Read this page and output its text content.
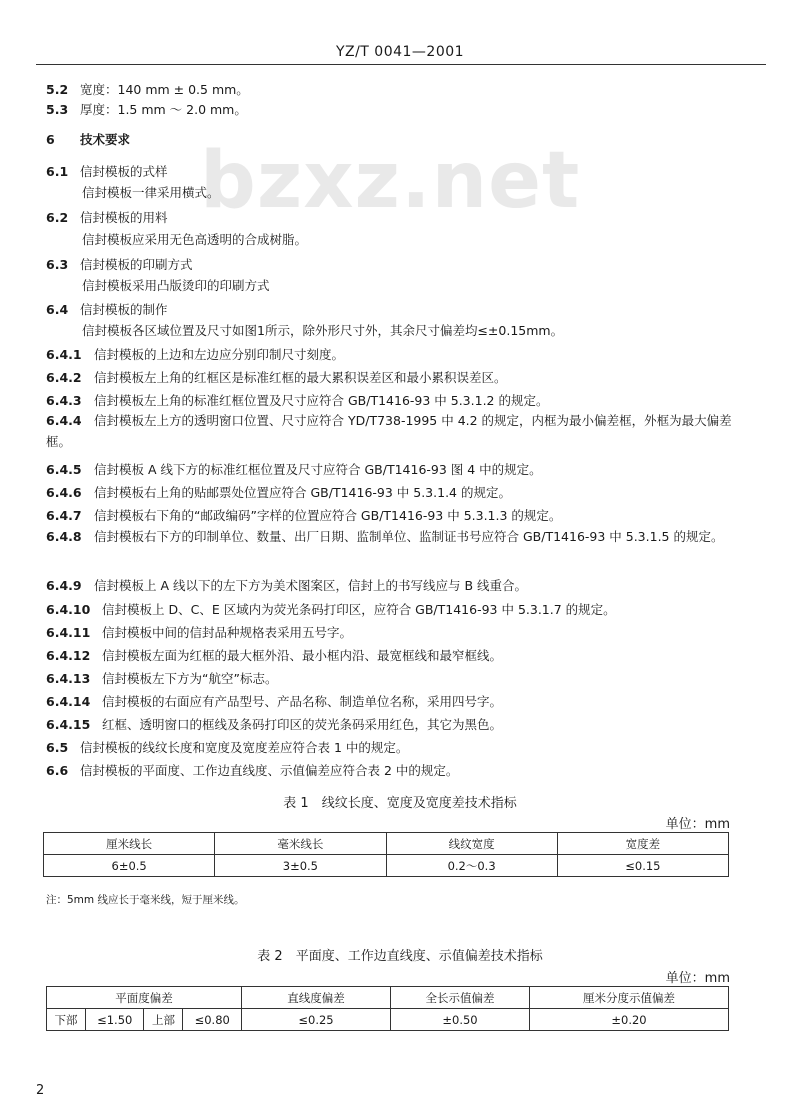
bzxz.net
YZ/T 0041—2001
5.2 宽度：140 mm ± 0.5 mm。
5.3 厚度：1.5 mm ～ 2.0 mm。
6 技术要求
6.1 信封模板的式样
信封模板一律采用横式。
6.2 信封模板的用料
信封模板应采用无色高透明的合成树脂。
6.3 信封模板的印刷方式
信封模板采用凸版烫印的印刷方式
6.4 信封模板的制作
信封模板各区域位置及尺寸如图1所示，除外形尺寸外，其余尺寸偏差均≤±0.15mm。
6.4.1 信封模板的上边和左边应分别印制尺寸刻度。
6.4.2 信封模板左上角的红框区是标准红框的最大累积误差区和最小累积误差区。
6.4.3 信封模板左上角的标准红框位置及尺寸应符合 GB/T1416-93 中 5.3.1.2 的规定。
6.4.4 信封模板左上方的透明窗口位置、尺寸应符合 YD/T738-1995 中 4.2 的规定，内框为最小偏差框，外框为最大偏差框。
6.4.5 信封模板 A 线下方的标准红框位置及尺寸应符合 GB/T1416-93 图 4 中的规定。
6.4.6 信封模板右上角的贴邮票处位置应符合 GB/T1416-93 中 5.3.1.4 的规定。
6.4.7 信封模板右下角的“邮政编码”字样的位置应符合 GB/T1416-93 中 5.3.1.3 的规定。
6.4.8 信封模板右下方的印制单位、数量、出厂日期、监制单位、监制证书号应符合 GB/T1416-93 中 5.3.1.5 的规定。
6.4.9 信封模板上 A 线以下的左下方为美术图案区，信封上的书写线应与 B 线重合。
6.4.10 信封模板上 D、C、E 区域内为荧光条码打印区，应符合 GB/T1416-93 中 5.3.1.7 的规定。
6.4.11 信封模板中间的信封品种规格表采用五号字。
6.4.12 信封模板左面为红框的最大框外沿、最小框内沿、最宽框线和最窄框线。
6.4.13 信封模板左下方为“航空”标志。
6.4.14 信封模板的右面应有产品型号、产品名称、制造单位名称，采用四号字。
6.4.15 红框、透明窗口的框线及条码打印区的荧光条码采用红色，其它为黑色。
6.5 信封模板的线纹长度和宽度及宽度差应符合表 1 中的规定。
6.6 信封模板的平面度、工作边直线度、示值偏差应符合表 2 中的规定。
表 1　线纹长度、宽度及宽度差技术指标
单位：mm
厘米线长	毫米线长	线纹宽度	宽度差
6±0.5	3±0.5	0.2～0.3	≤0.15
注：5mm 线应长于毫米线，短于厘米线。
表 2　平面度、工作边直线度、示值偏差技术指标
单位：mm
平面度偏差				直线度偏差	全长示值偏差	厘米分度示值偏差
下部	≤1.50	上部	≤0.80	≤0.25	±0.50	±0.20
2
